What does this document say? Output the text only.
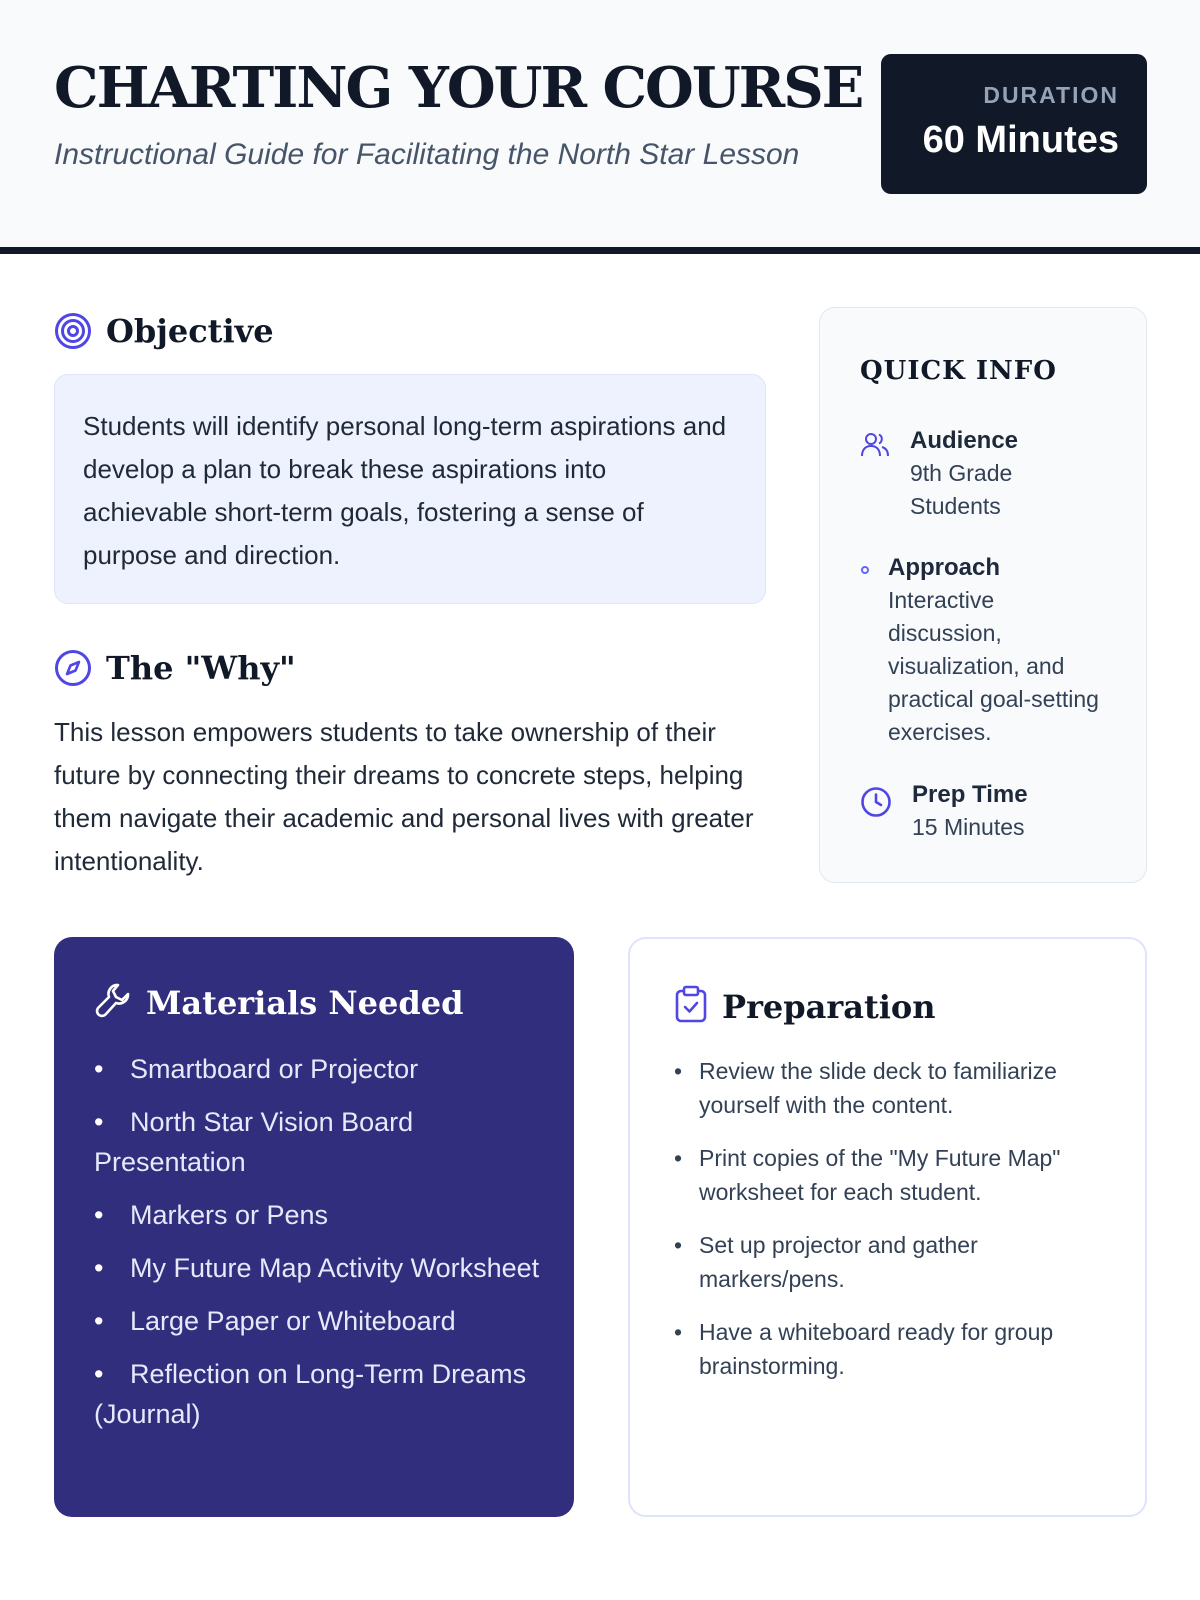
CHARTING YOUR COURSE
Instructional Guide for Facilitating the North Star Lesson
DURATION
60 Minutes
Objective
Students will identify personal long-term aspirations and develop a plan to break these aspirations into achievable short-term goals, fostering a sense of purpose and direction.
The "Why"
This lesson empowers students to take ownership of their future by connecting their dreams to concrete steps, helping them navigate their academic and personal lives with greater intentionality.
QUICK INFO
Audience
9th Grade Students
Approach
Interactive discussion, visualization, and practical goal-setting exercises.
Prep Time
15 Minutes
Materials Needed
• Smartboard or Projector
• North Star Vision Board Presentation
• Markers or Pens
• My Future Map Activity Worksheet
• Large Paper or Whiteboard
• Reflection on Long-Term Dreams (Journal)
Preparation
• Review the slide deck to familiarize yourself with the content.
• Print copies of the "My Future Map" worksheet for each student.
• Set up projector and gather markers/pens.
• Have a whiteboard ready for group brainstorming.
